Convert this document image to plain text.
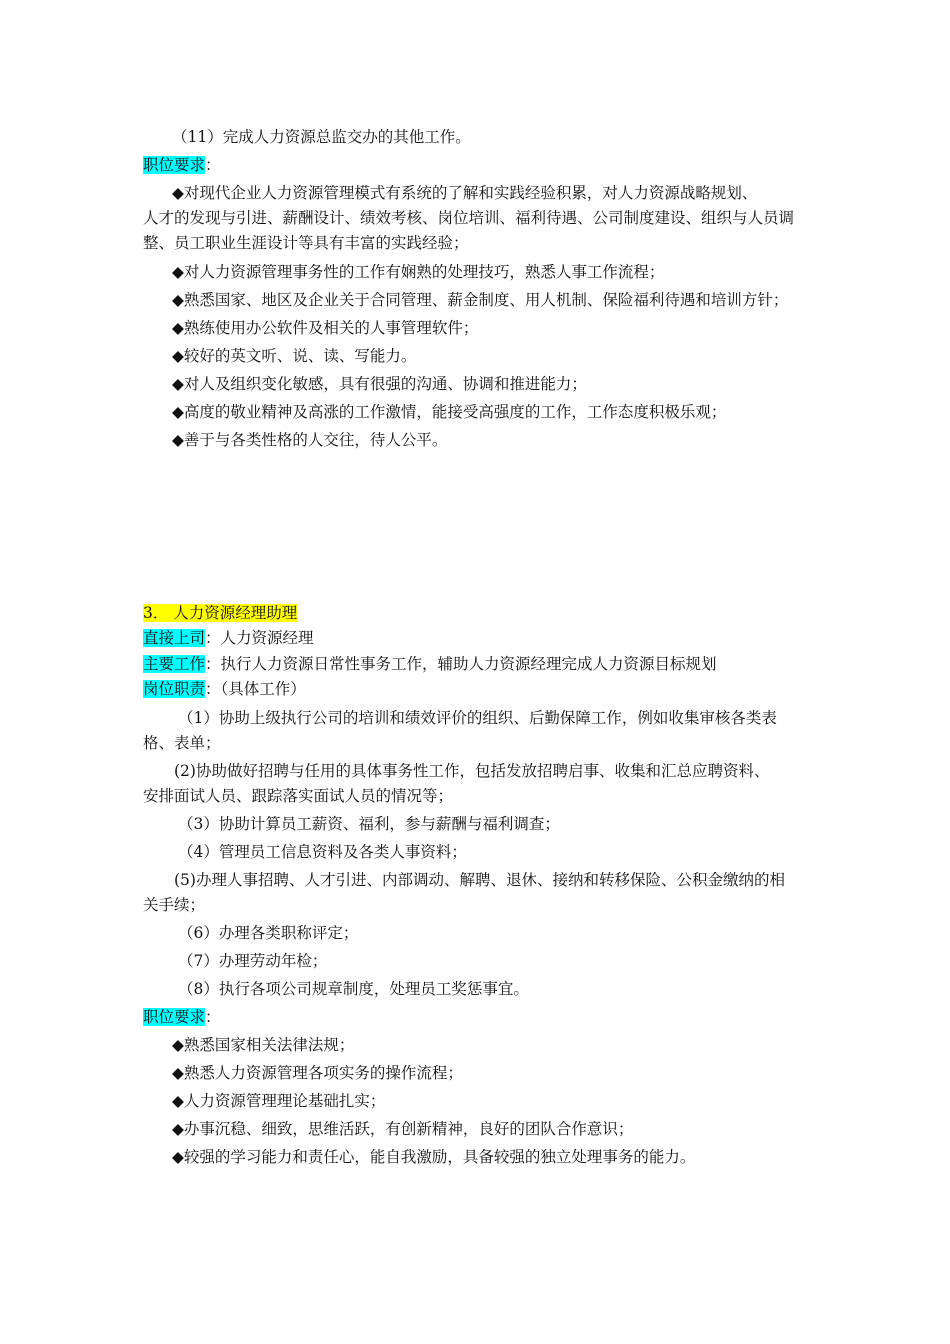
（11）完成人力资源总监交办的其他工作。
职位要求：
◆对现代企业人力资源管理模式有系统的了解和实践经验积累，对人力资源战略规划、
人才的发现与引进、薪酬设计、绩效考核、岗位培训、福利待遇、公司制度建设、组织与人员调
整、员工职业生涯设计等具有丰富的实践经验；
◆对人力资源管理事务性的工作有娴熟的处理技巧，熟悉人事工作流程；
◆熟悉国家、地区及企业关于合同管理、薪金制度、用人机制、保险福利待遇和培训方针；
◆熟练使用办公软件及相关的人事管理软件；
◆较好的英文听、说、读、写能力。
◆对人及组织变化敏感，具有很强的沟通、协调和推进能力；
◆高度的敬业精神及高涨的工作激情，能接受高强度的工作，工作态度积极乐观；
◆善于与各类性格的人交往，待人公平。
3． 人力资源经理助理
直接上司：人力资源经理
主要工作：执行人力资源日常性事务工作，辅助人力资源经理完成人力资源目标规划
岗位职责：（具体工作）
（1）协助上级执行公司的培训和绩效评价的组织、后勤保障工作，例如收集审核各类表
格、表单；
(2)协助做好招聘与任用的具体事务性工作，包括发放招聘启事、收集和汇总应聘资料、
安排面试人员、跟踪落实面试人员的情况等；
（3）协助计算员工薪资、福利，参与薪酬与福利调查；
（4）管理员工信息资料及各类人事资料；
(5)办理人事招聘、人才引进、内部调动、解聘、退休、接纳和转移保险、公积金缴纳的相
关手续；
（6）办理各类职称评定；
（7）办理劳动年检；
（8）执行各项公司规章制度，处理员工奖惩事宜。
职位要求：
◆熟悉国家相关法律法规；
◆熟悉人力资源管理各项实务的操作流程；
◆人力资源管理理论基础扎实；
◆办事沉稳、细致，思维活跃，有创新精神，良好的团队合作意识；
◆较强的学习能力和责任心，能自我激励，具备较强的独立处理事务的能力。
